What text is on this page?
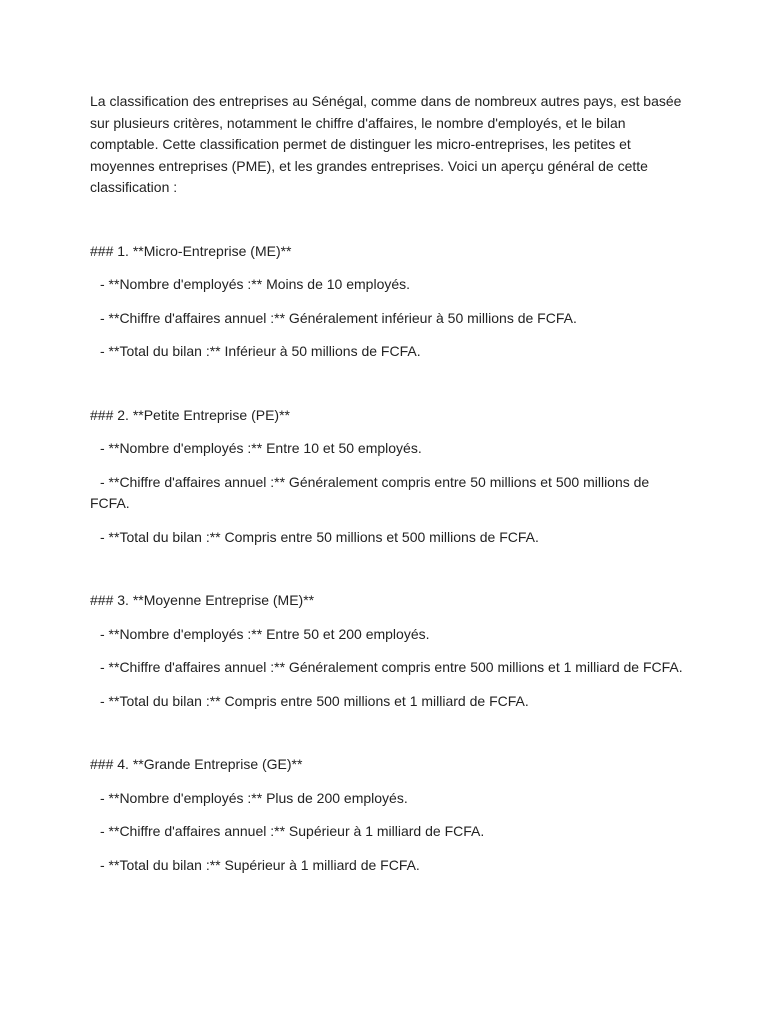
La classification des entreprises au Sénégal, comme dans de nombreux autres pays, est basée sur plusieurs critères, notamment le chiffre d'affaires, le nombre d'employés, et le bilan comptable. Cette classification permet de distinguer les micro-entreprises, les petites et moyennes entreprises (PME), et les grandes entreprises. Voici un aperçu général de cette classification :

### 1. **Micro-Entreprise (ME)**

- **Nombre d'employés :** Moins de 10 employés.

- **Chiffre d'affaires annuel :** Généralement inférieur à 50 millions de FCFA.

- **Total du bilan :** Inférieur à 50 millions de FCFA.

### 2. **Petite Entreprise (PE)**

- **Nombre d'employés :** Entre 10 et 50 employés.

- **Chiffre d'affaires annuel :** Généralement compris entre 50 millions et 500 millions de FCFA.

- **Total du bilan :** Compris entre 50 millions et 500 millions de FCFA.

### 3. **Moyenne Entreprise (ME)**

- **Nombre d'employés :** Entre 50 et 200 employés.

- **Chiffre d'affaires annuel :** Généralement compris entre 500 millions et 1 milliard de FCFA.

- **Total du bilan :** Compris entre 500 millions et 1 milliard de FCFA.

### 4. **Grande Entreprise (GE)**

- **Nombre d'employés :** Plus de 200 employés.

- **Chiffre d'affaires annuel :** Supérieur à 1 milliard de FCFA.

- **Total du bilan :** Supérieur à 1 milliard de FCFA.
